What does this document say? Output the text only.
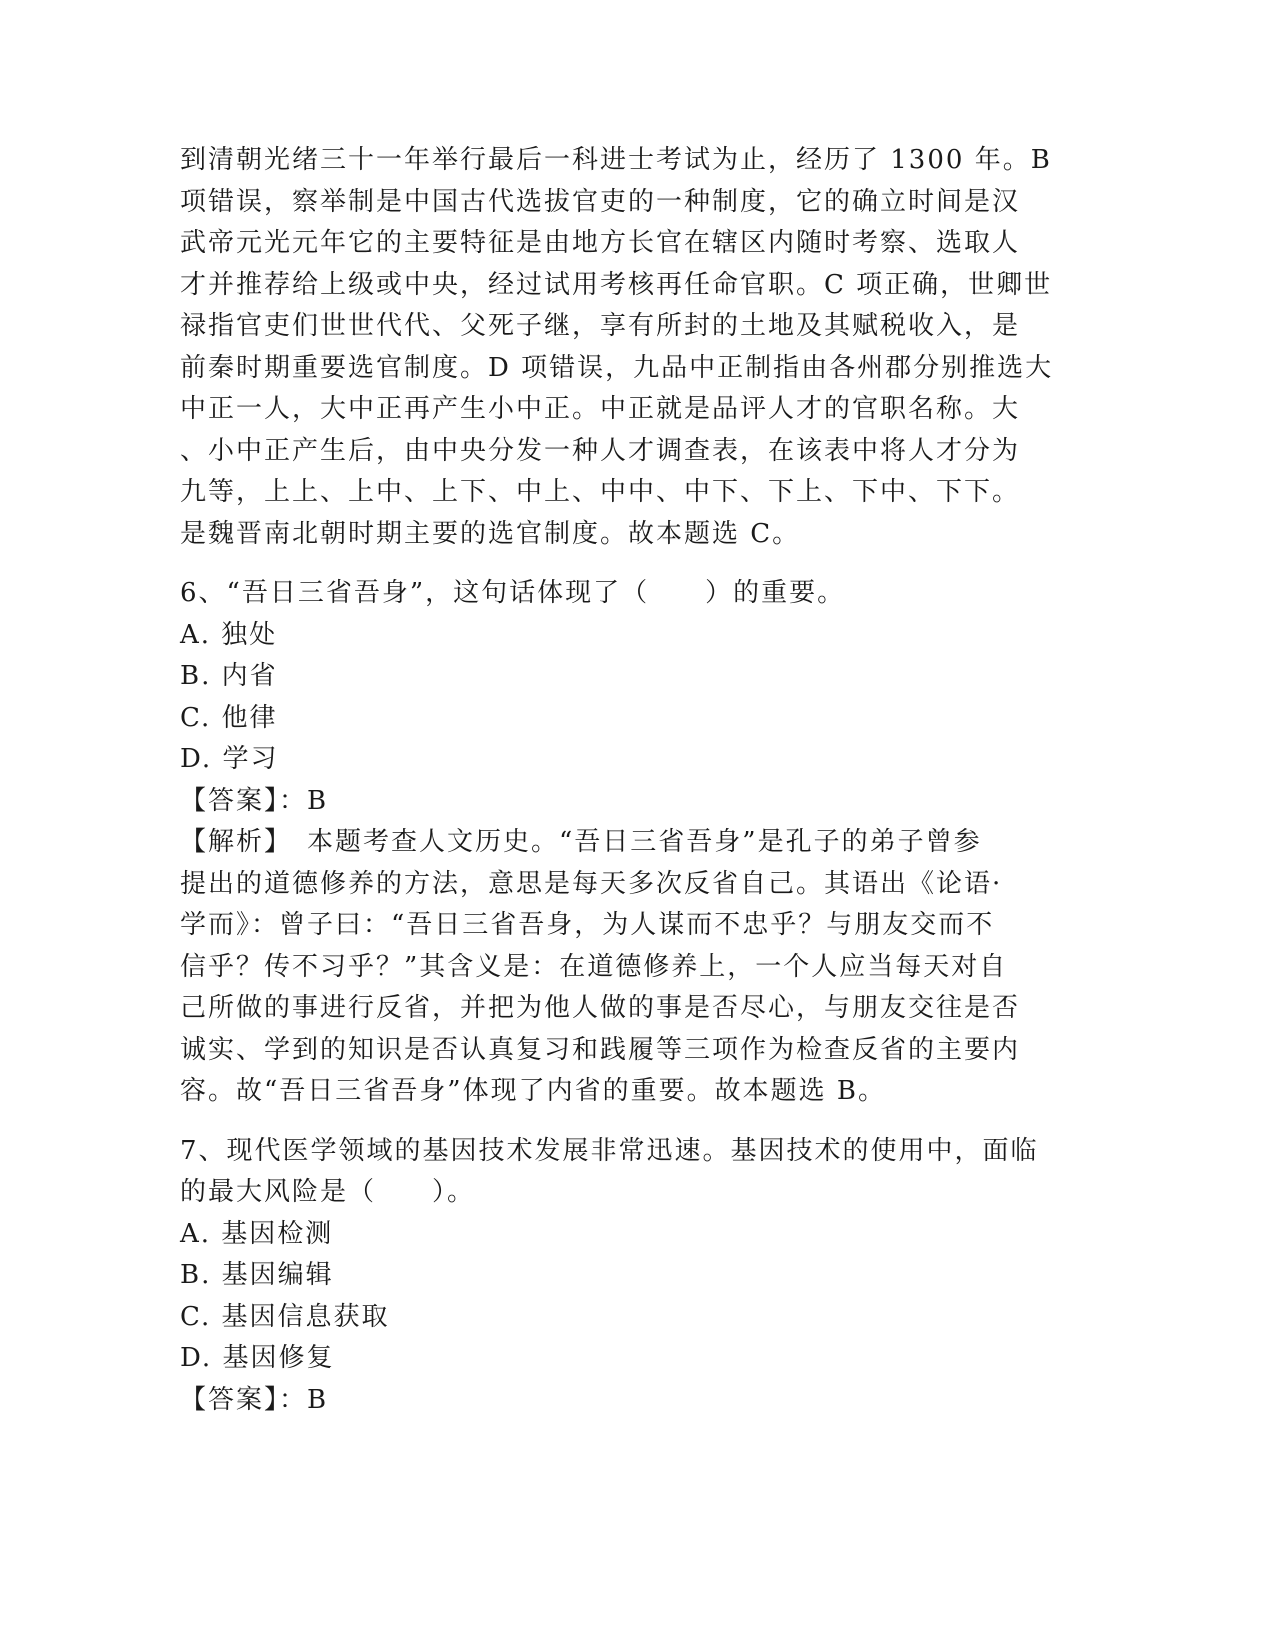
到清朝光绪三十一年举行最后一科进士考试为止，经历了 1300 年。B
项错误，察举制是中国古代选拔官吏的一种制度，它的确立时间是汉
武帝元光元年它的主要特征是由地方长官在辖区内随时考察、选取人
才并推荐给上级或中央，经过试用考核再任命官职。C 项正确，世卿世
禄指官吏们世世代代、父死子继，享有所封的土地及其赋税收入，是
前秦时期重要选官制度。D 项错误，九品中正制指由各州郡分别推选大
中正一人，大中正再产生小中正。中正就是品评人才的官职名称。大
、小中正产生后，由中央分发一种人才调查表，在该表中将人才分为
九等，上上、上中、上下、中上、中中、中下、下上、下中、下下。
是魏晋南北朝时期主要的选官制度。故本题选 C。
6、“吾日三省吾身”，这句话体现了（　　）的重要。
A. 独处
B. 内省
C. 他律
D. 学习
【答案】：B
【解析】　本题考查人文历史。“吾日三省吾身”是孔子的弟子曾参
提出的道德修养的方法，意思是每天多次反省自己。其语出《论语·
学而》：曾子曰：“吾日三省吾身，为人谋而不忠乎？与朋友交而不
信乎？传不习乎？”其含义是：在道德修养上，一个人应当每天对自
己所做的事进行反省，并把为他人做的事是否尽心，与朋友交往是否
诚实、学到的知识是否认真复习和践履等三项作为检查反省的主要内
容。故“吾日三省吾身”体现了内省的重要。故本题选 B。
7、现代医学领域的基因技术发展非常迅速。基因技术的使用中，面临
的最大风险是（　　）。
A. 基因检测
B. 基因编辑
C. 基因信息获取
D. 基因修复
【答案】：B
